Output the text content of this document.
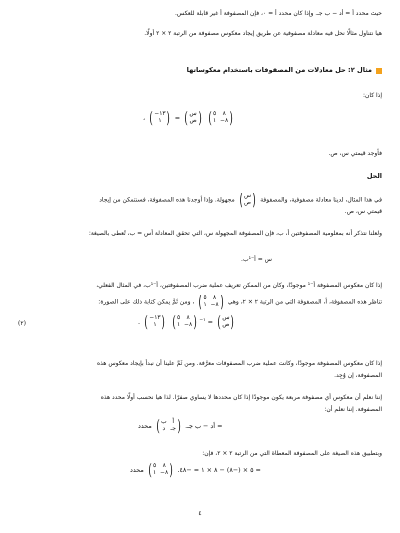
حيث محدد أ = أد − ب جـ. وإذا كان محدد أ = ٠، فإن المصفوفة أ غير قابلة للعكس.
هيا نتناول مثالًا نحل فيه معادلة مصفوفية عن طريق إيجاد معكوس مصفوفة من الرتبة ٢ × ٢ أولًا.
مثال ٢: حل معادلات من المصفوفات باستخدام معكوساتها
إذا كان:
، ( −١٣
١ ) = ( س
ص )
( ٥	٨
١ −٨ )
فأوجد قيمتي س، ص.
الحل
في هذا المثال، لدينا معادلة مصفوفية، والمصفوفة
( س
ص )
مجهولة. وإذا أوجدنا هذه المصفوفة، فسنتمكن من إيجاد
قيمتي س، ص.
ولعلنا نتذكر أنه بمعلومية المصفوفتين أ، ب، فإن المصفوفة المجهولة س، التي تحقق المعادلة أس = ب، تُعطى بالصيغة:
س = أ⁻¹ب.
إذا كان معكوس المصفوفة أ⁻¹ موجودًا، وكان من الممكن تعريف عملية ضرب المصفوفتين، أ⁻¹ب، في المثال الفعلي،
تناظر هذه المصفوفة، أ، المصفوفة التي من الرتبة ٢ × ٢، وهي
( ٥	٨
١ −٨ )
، ومن ثَمَّ يمكن كتابة ذلك على الصورة:
. ( −١٣
١ )
( ٥	٨
١ −٨ ) $^{-١}$ = ( س
ص )
(٢)
إذا كان معكوس المصفوفة موجودًا، وكانت عملية ضرب المصفوفات معرَّفة. ومن ثَمَّ علينا أن نبدأ بإيجاد معكوس هذه
المصفوفة، إن وُجِد.
إننا نعلم أن معكوس أي مصفوفة مربعة يكون موجودًا إذا كان محددها لا يساوي صفرًا. لذا هيا نحسب أولًا محدد هذه
المصفوفة. إننا نعلم أن:
= أد − ب جـ.
(	أ
ب
جـ
د )
محدد
وبتطبيق هذه الصيغة على المصفوفة المعطاة التي من الرتبة ٢ × ٢، فإن:
= ٥ × (−٨) − ٨ × ١ = −٤٨.
( ٥	٨
١ −٨ )
محدد
٤
